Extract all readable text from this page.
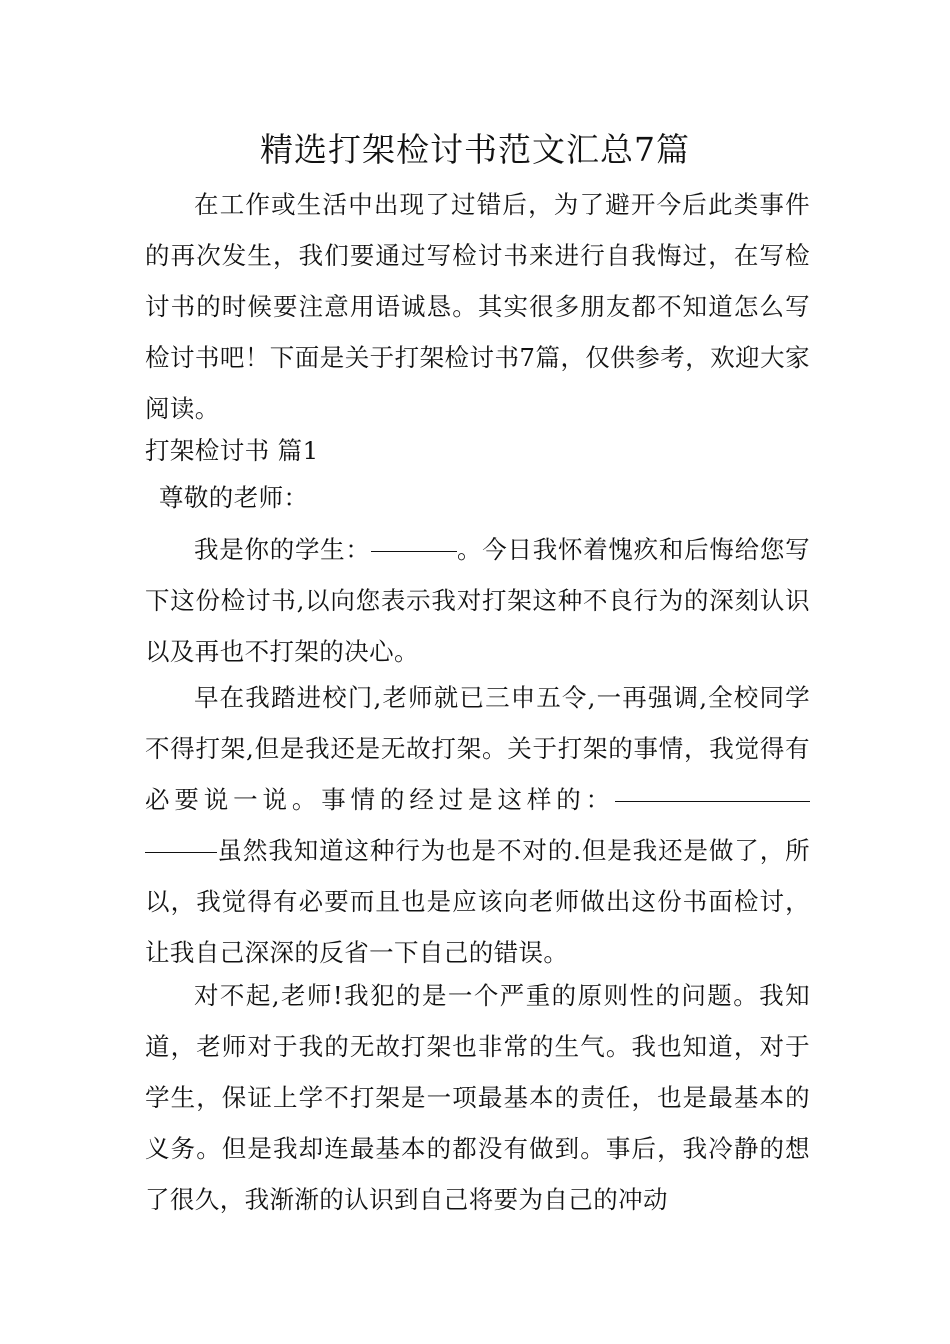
精选打架检讨书范文汇总7篇

在工作或生活中出现了过错后，为了避开今后此类事件的再次发生，我们要通过写检讨书来进行自我悔过，在写检讨书的时候要注意用语诚恳。其实很多朋友都不知道怎么写检讨书吧！下面是关于打架检讨书7篇，仅供参考，欢迎大家阅读。

打架检讨书 篇1

尊敬的老师：

我是你的学生：	。今日我怀着愧疚和后悔给您写下这份检讨书,以向您表示我对打架这种不良行为的深刻认识以及再也不打架的决心。

早在我踏进校门,老师就已三申五令,一再强调,全校同学不得打架,但是我还是无故打架。关于打架的事情，我觉得有必要说一说。事情的经过是这样的：虽然我知道这种行为也是不对的.但是我还是做了，所以，我觉得有必要而且也是应该向老师做出这份书面检讨，让我自己深深的反省一下自己的错误。

对不起,老师!我犯的是一个严重的原则性的问题。我知道，老师对于我的无故打架也非常的生气。我也知道，对于学生，保证上学不打架是一项最基本的责任，也是最基本的义务。但是我却连最基本的都没有做到。事后，我冷静的想了很久，我渐渐的认识到自己将要为自己的冲动
